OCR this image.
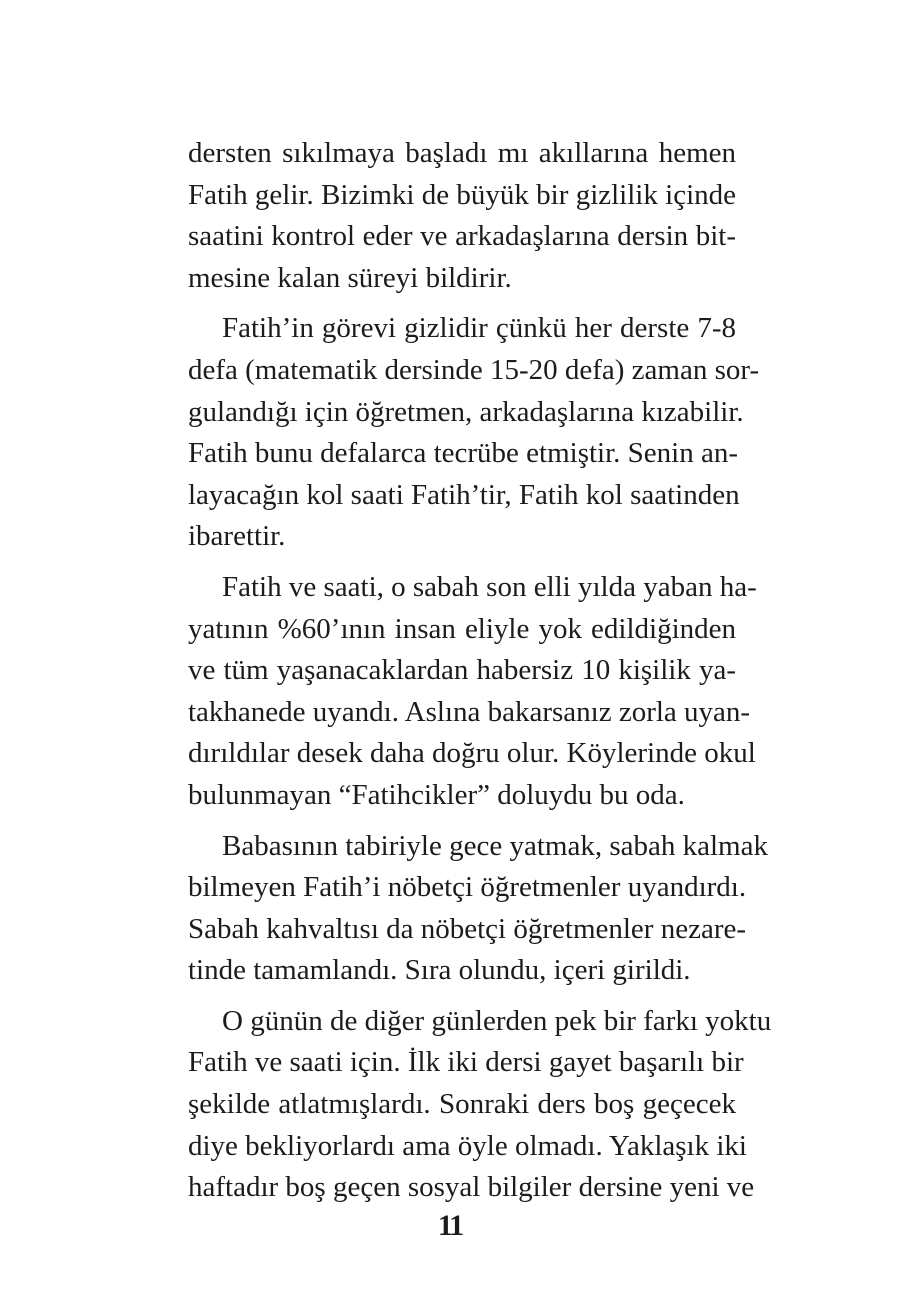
dersten sıkılmaya başladı mı akıllarına hemen
Fatih gelir. Bizimki de büyük bir gizlilik içinde
saatini kontrol eder ve arkadaşlarına dersin bit-
mesine kalan süreyi bildirir.

Fatih’in görevi gizlidir çünkü her derste 7-8
defa (matematik dersinde 15-20 defa) zaman sor-
gulandığı için öğretmen, arkadaşlarına kızabilir.
Fatih bunu defalarca tecrübe etmiştir. Senin an-
layacağın kol saati Fatih’tir, Fatih kol saatinden
ibarettir.

Fatih ve saati, o sabah son elli yılda yaban ha-
yatının %60’ının insan eliyle yok edildiğinden
ve tüm yaşanacaklardan habersiz 10 kişilik ya-
takhanede uyandı. Aslına bakarsanız zorla uyan-
dırıldılar desek daha doğru olur. Köylerinde okul
bulunmayan “Fatihcikler” doluydu bu oda.

Babasının tabiriyle gece yatmak, sabah kalmak
bilmeyen Fatih’i nöbetçi öğretmenler uyandırdı.
Sabah kahvaltısı da nöbetçi öğretmenler nezare-
tinde tamamlandı. Sıra olundu, içeri girildi.

O günün de diğer günlerden pek bir farkı yoktu
Fatih ve saati için. İlk iki dersi gayet başarılı bir
şekilde atlatmışlardı. Sonraki ders boş geçecek
diye bekliyorlardı ama öyle olmadı. Yaklaşık iki
haftadır boş geçen sosyal bilgiler dersine yeni ve

11
